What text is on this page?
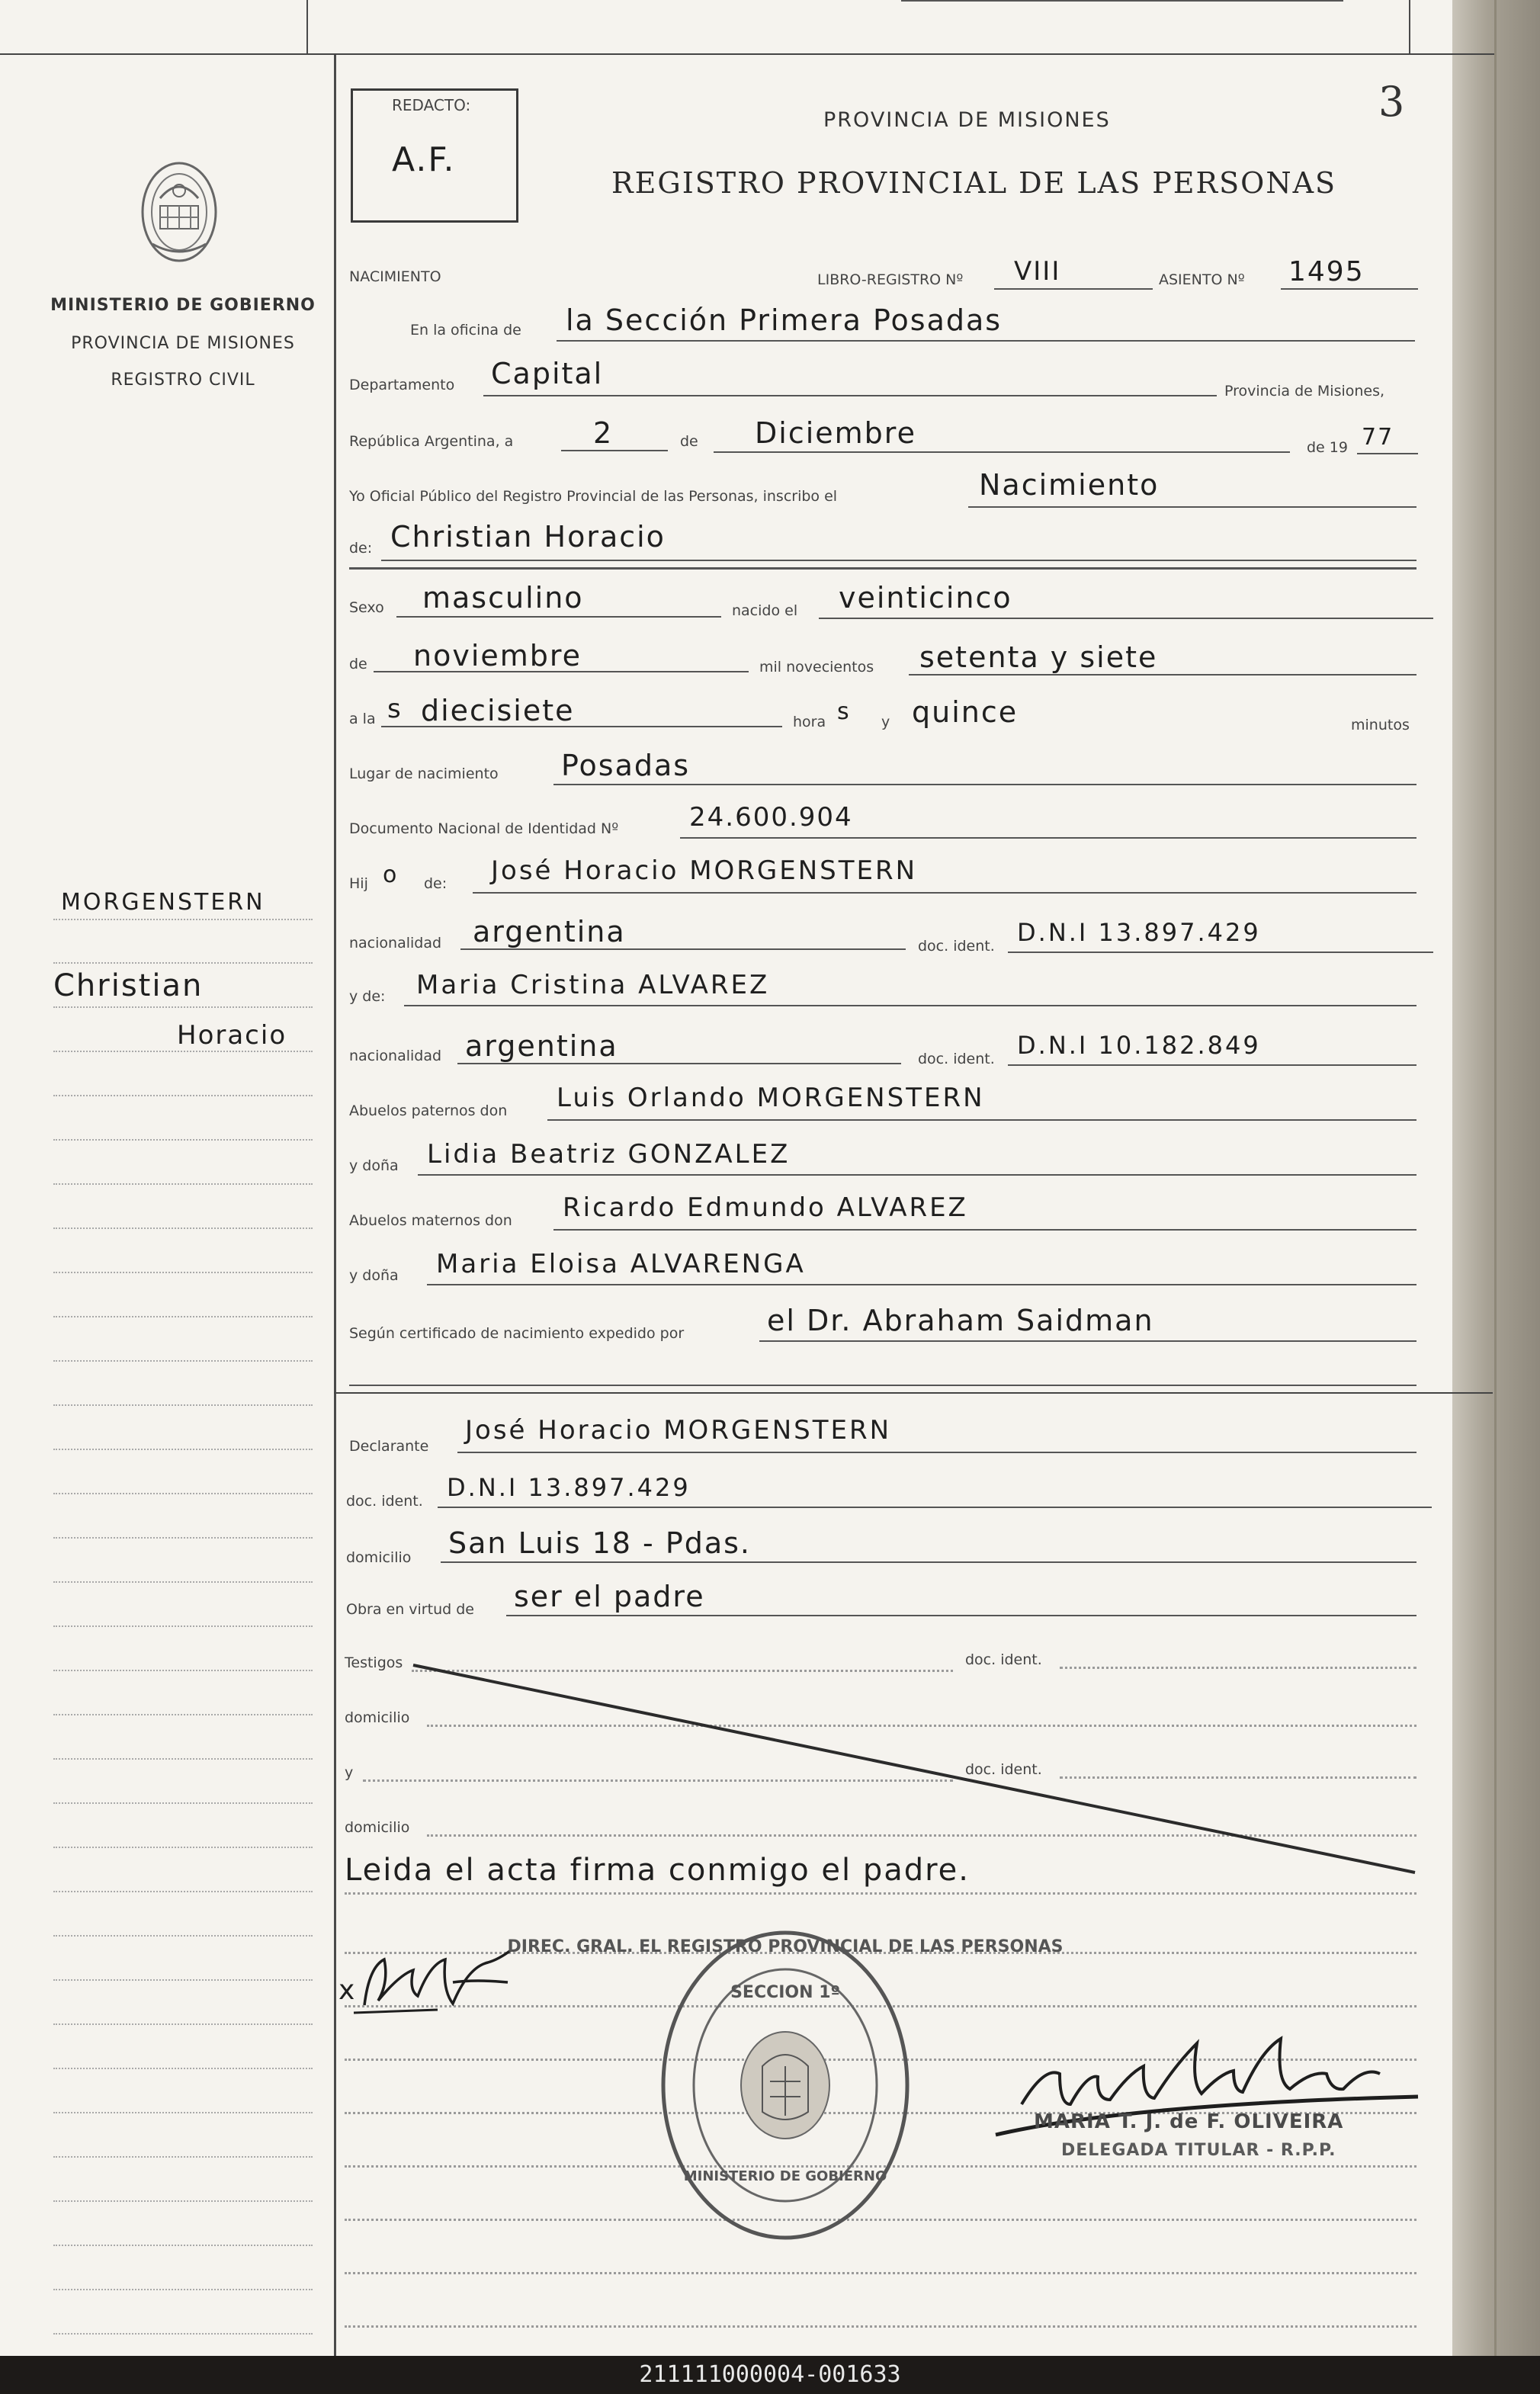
MINISTERIO DE GOBIERNO
PROVINCIA DE MISIONES
REGISTRO CIVIL
MORGENSTERN
Christian
Horacio
REDACTO:
A.F.
PROVINCIA DE MISIONES
REGISTRO PROVINCIAL DE LAS PERSONAS
3
NACIMIENTO	LIBRO-REGISTRO Nº VIII	ASIENTO Nº 1495
En la oficina de la Sección Primera Posadas
Departamento Capital
Provincia de Misiones,
República Argentina, a	2	de Diciembre	de 19 77
Yo Oficial Público del Registro Provincial de las Personas, inscribo el	Nacimiento
de: Christian Horacio
Sexo masculino	nacido el veinticinco
de noviembre	mil novecientos setenta y siete
a la s diecisiete	hora s y quince	minutos
Lugar de nacimiento Posadas
Documento Nacional de Identidad Nº	24.600.904
Hij o de: José Horacio MORGENSTERN
nacionalidad argentina	doc. ident. D.N.I 13.897.429
y de: Maria Cristina ALVAREZ
nacionalidad argentina	doc. ident. D.N.I 10.182.849
Abuelos paternos don Luis Orlando MORGENSTERN
y doña Lidia Beatriz GONZALEZ
Abuelos maternos don Ricardo Edmundo ALVAREZ
y doña Maria Eloisa ALVARENGA
Según certificado de nacimiento expedido por	el Dr. Abraham Saidman
Declarante
José Horacio MORGENSTERN
doc. ident. D.N.I 13.897.429
domicilio San Luis 18 - Pdas.
Obra en virtud de ser el padre
Testigos	doc. ident.
domicilio
y	doc. ident.
domicilio
Leida el acta firma conmigo el padre.
x
DIREC. GRAL. EL REGISTRO PROVINCIAL DE LAS PERSONAS
SECCION 1º
MINISTERIO DE GOBIERNO
MARIA T. J. de F. OLIVEIRA
DELEGADA TITULAR - R.P.P.
211111000004-001633
